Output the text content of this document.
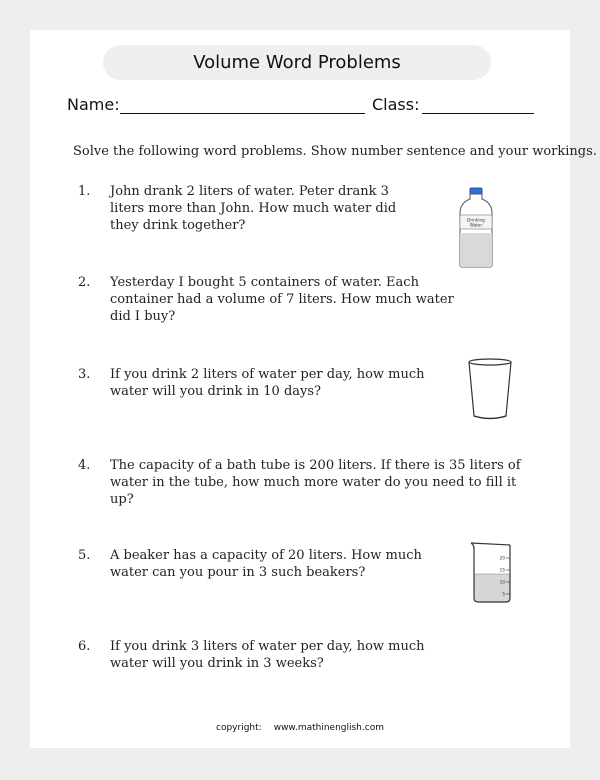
Volume Word Problems
Name:	Class:
Solve the following word problems. Show number sentence and your workings.
1. John drank 2 liters of water. Peter drank 3 liters more than John. How much water did they drink together?
2. Yesterday I bought 5 containers of water. Each container had a volume of 7 liters. How much water did I buy?
3. If you drink 2 liters of water per day, how much water will you drink in 10 days?
4. The capacity of a bath tube is 200 liters. If there is 35 liters of water in the tube, how much more water do you need to fill it up?
5. A beaker has a capacity of 20 liters. How much water can you pour in 3 such beakers?
6. If you drink 3 liters of water per day, how much water will you drink in 3 weeks?
Drinking
Water
20
15
10
5
copyright: www.mathinenglish.com
